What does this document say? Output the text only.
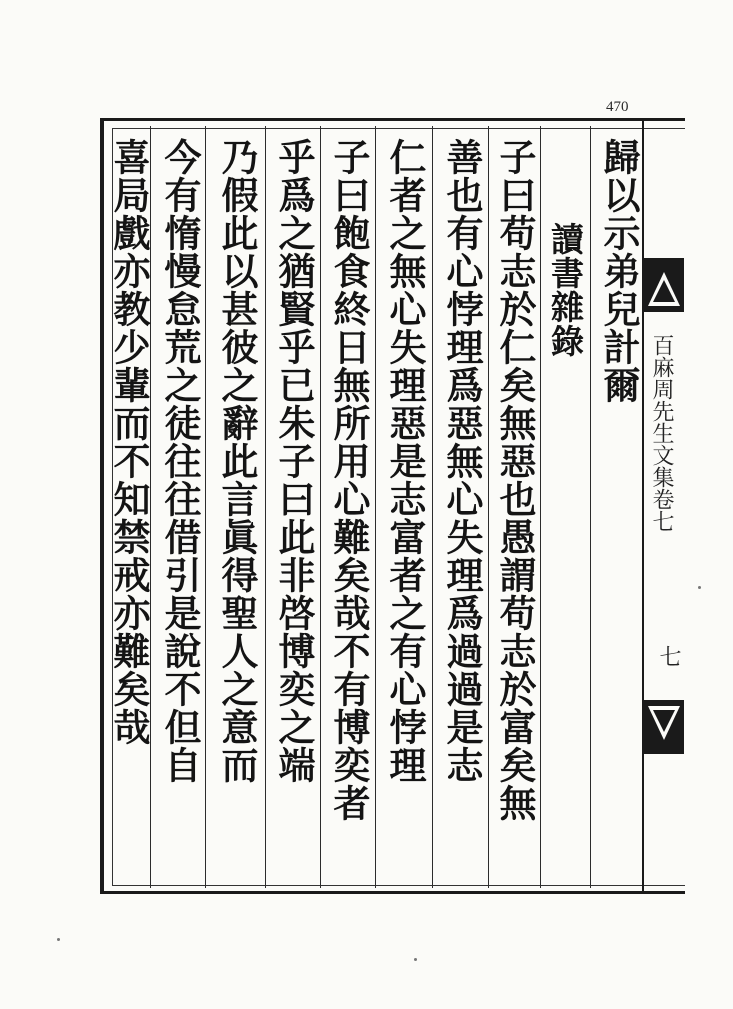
470
歸以示弟兒計爾
讀書雜錄
子曰苟志於仁矣無惡也愚謂苟志於富矣無
善也有心悖理爲惡無心失理爲過過是志
仁者之無心失理惡是志富者之有心悖理
子曰飽食終日無所用心難矣哉不有博奕者
乎爲之猶賢乎已朱子曰此非啓博奕之端
乃假此以甚彼之辭此言眞得聖人之意而
今有惰慢怠荒之徒往往借引是說不但自
喜局戲亦教少輩而不知禁戒亦難矣哉	百麻周先生文集卷七
七
